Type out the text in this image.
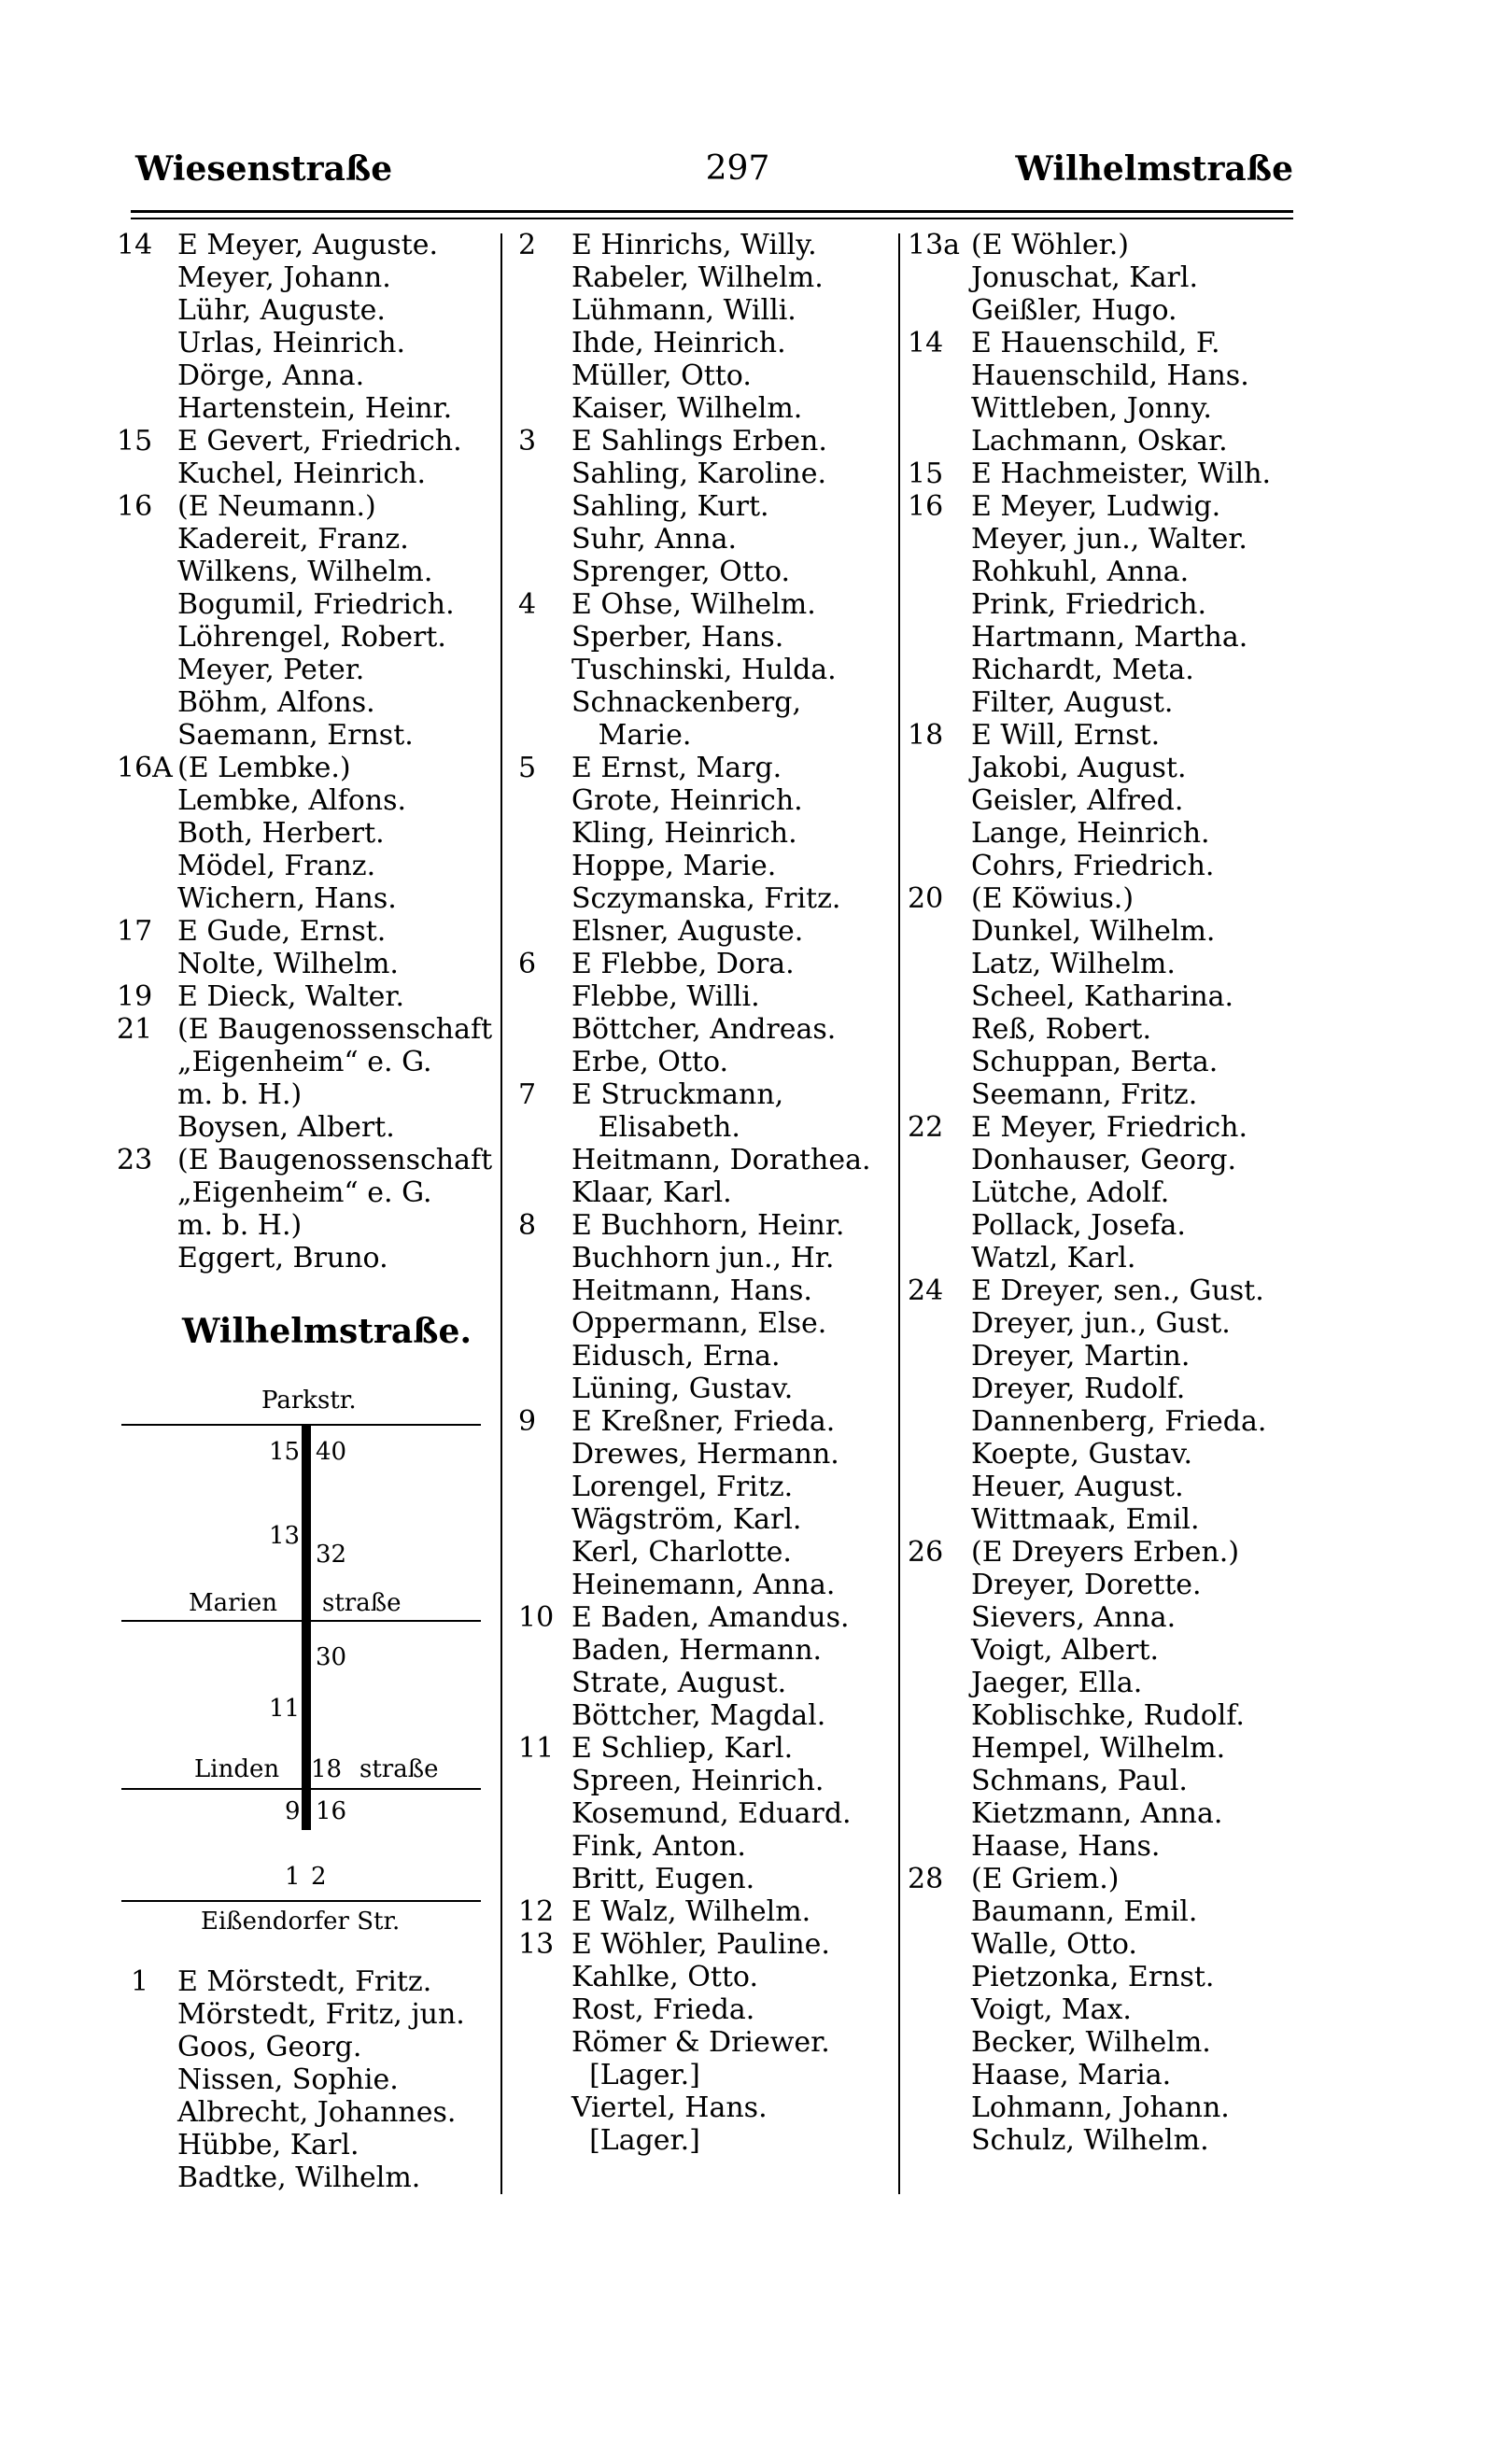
Wiesenstraße	297	Wilhelmstraße
14 E Meyer, Auguste.
Meyer, Johann.
Lühr, Auguste.
Urlas, Heinrich.
Dörge, Anna.
Hartenstein, Heinr.
15 E Gevert, Friedrich.
Kuchel, Heinrich.
16 (E Neumann.)
Kadereit, Franz.
Wilkens, Wilhelm.
Bogumil, Friedrich.
Löhrengel, Robert.
Meyer, Peter.
Böhm, Alfons.
Saemann, Ernst.
16A (E Lembke.)
Lembke, Alfons.
Both, Herbert.
Mödel, Franz.
Wichern, Hans.
17 E Gude, Ernst.
Nolte, Wilhelm.
19 E Dieck, Walter.
21 (E Baugenossenschaft
„Eigenheim“ e. G.
m. b. H.)
Boysen, Albert.
23 (E Baugenossenschaft
„Eigenheim“ e. G.
m. b. H.)
Eggert, Bruno.
Wilhelmstraße.
Parkstr.
15 40
13
32
Marien straße
30
11
Linden 18 straße
9 16
1 2
Eißendorfer Str.
1	E Mörstedt, Fritz.
Mörstedt, Fritz, jun.
Goos, Georg.
Nissen, Sophie.
Albrecht, Johannes.
Hübbe, Karl.
Badtke, Wilhelm.
2	E Hinrichs, Willy.
Rabeler, Wilhelm.
Lühmann, Willi.
Ihde, Heinrich.
Müller, Otto.
Kaiser, Wilhelm.
3	E Sahlings Erben.
Sahling, Karoline.
Sahling, Kurt.
Suhr, Anna.
Sprenger, Otto.
4	E Ohse, Wilhelm.
Sperber, Hans.
Tuschinski, Hulda.
Schnackenberg,
Marie.
5	E Ernst, Marg.
Grote, Heinrich.
Kling, Heinrich.
Hoppe, Marie.
Sczymanska, Fritz.
Elsner, Auguste.
6	E Flebbe, Dora.
Flebbe, Willi.
Böttcher, Andreas.
Erbe, Otto.
7	E Struckmann,
Elisabeth.
Heitmann, Dorathea.
Klaar, Karl.
8	E Buchhorn, Heinr.
Buchhorn jun., Hr.
Heitmann, Hans.
Oppermann, Else.
Eidusch, Erna.
Lüning, Gustav.
9	E Kreßner, Frieda.
Drewes, Hermann.
Lorengel, Fritz.
Wägström, Karl.
Kerl, Charlotte.
Heinemann, Anna.
10 E Baden, Amandus.
Baden, Hermann.
Strate, August.
Böttcher, Magdal.
11 E Schliep, Karl.
Spreen, Heinrich.
Kosemund, Eduard.
Fink, Anton.
Britt, Eugen.
12 E Walz, Wilhelm.
13 E Wöhler, Pauline.
Kahlke, Otto.
Rost, Frieda.
Römer & Driewer.
[Lager.]
Viertel, Hans.
[Lager.]
13a (E Wöhler.)
Jonuschat, Karl.
Geißler, Hugo.
14 E Hauenschild, F.
Hauenschild, Hans.
Wittleben, Jonny.
Lachmann, Oskar.
15 E Hachmeister, Wilh.
16 E Meyer, Ludwig.
Meyer, jun., Walter.
Rohkuhl, Anna.
Prink, Friedrich.
Hartmann, Martha.
Richardt, Meta.
Filter, August.
18 E Will, Ernst.
Jakobi, August.
Geisler, Alfred.
Lange, Heinrich.
Cohrs, Friedrich.
20 (E Köwius.)
Dunkel, Wilhelm.
Latz, Wilhelm.
Scheel, Katharina.
Reß, Robert.
Schuppan, Berta.
Seemann, Fritz.
22 E Meyer, Friedrich.
Donhauser, Georg.
Lütche, Adolf.
Pollack, Josefa.
Watzl, Karl.
24 E Dreyer, sen., Gust.
Dreyer, jun., Gust.
Dreyer, Martin.
Dreyer, Rudolf.
Dannenberg, Frieda.
Koepte, Gustav.
Heuer, August.
Wittmaak, Emil.
26 (E Dreyers Erben.)
Dreyer, Dorette.
Sievers, Anna.
Voigt, Albert.
Jaeger, Ella.
Koblischke, Rudolf.
Hempel, Wilhelm.
Schmans, Paul.
Kietzmann, Anna.
Haase, Hans.
28 (E Griem.)
Baumann, Emil.
Walle, Otto.
Pietzonka, Ernst.
Voigt, Max.
Becker, Wilhelm.
Haase, Maria.
Lohmann, Johann.
Schulz, Wilhelm.
